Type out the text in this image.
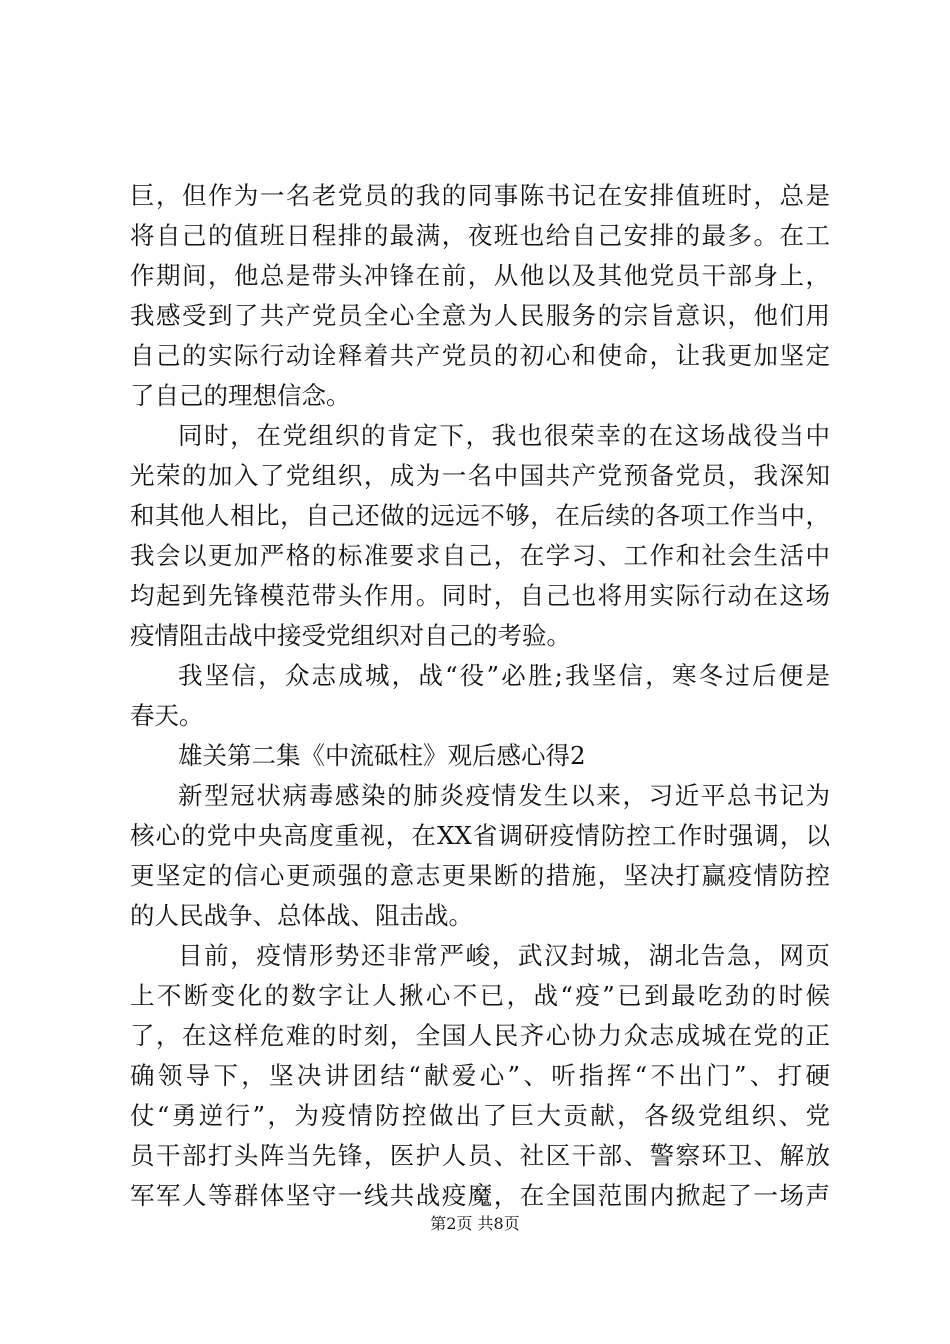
巨，但作为一名老党员的我的同事陈书记在安排值班时，总是
将自己的值班日程排的最满，夜班也给自己安排的最多。在工
作期间，他总是带头冲锋在前，从他以及其他党员干部身上，
我感受到了共产党员全心全意为人民服务的宗旨意识，他们用
自己的实际行动诠释着共产党员的初心和使命，让我更加坚定
了自己的理想信念。
同时，在党组织的肯定下，我也很荣幸的在这场战役当中
光荣的加入了党组织，成为一名中国共产党预备党员，我深知
和其他人相比，自己还做的远远不够，在后续的各项工作当中，
我会以更加严格的标准要求自己，在学习、工作和社会生活中
均起到先锋模范带头作用。同时，自己也将用实际行动在这场
疫情阻击战中接受党组织对自己的考验。
我坚信，众志成城，战“役”必胜;我坚信，寒冬过后便是
春天。
雄关第二集《中流砥柱》观后感心得2
新型冠状病毒感染的肺炎疫情发生以来，习近平总书记为
核心的党中央高度重视，在XX省调研疫情防控工作时强调，以
更坚定的信心更顽强的意志更果断的措施，坚决打赢疫情防控
的人民战争、总体战、阻击战。
目前，疫情形势还非常严峻，武汉封城，湖北告急，网页
上不断变化的数字让人揪心不已，战“疫”已到最吃劲的时候
了，在这样危难的时刻，全国人民齐心协力众志成城在党的正
确领导下，坚决讲团结“献爱心”、听指挥“不出门”、打硬
仗“勇逆行”，为疫情防控做出了巨大贡献，各级党组织、党
员干部打头阵当先锋，医护人员、社区干部、警察环卫、解放
军军人等群体坚守一线共战疫魔，在全国范围内掀起了一场声
第2页 共8页
